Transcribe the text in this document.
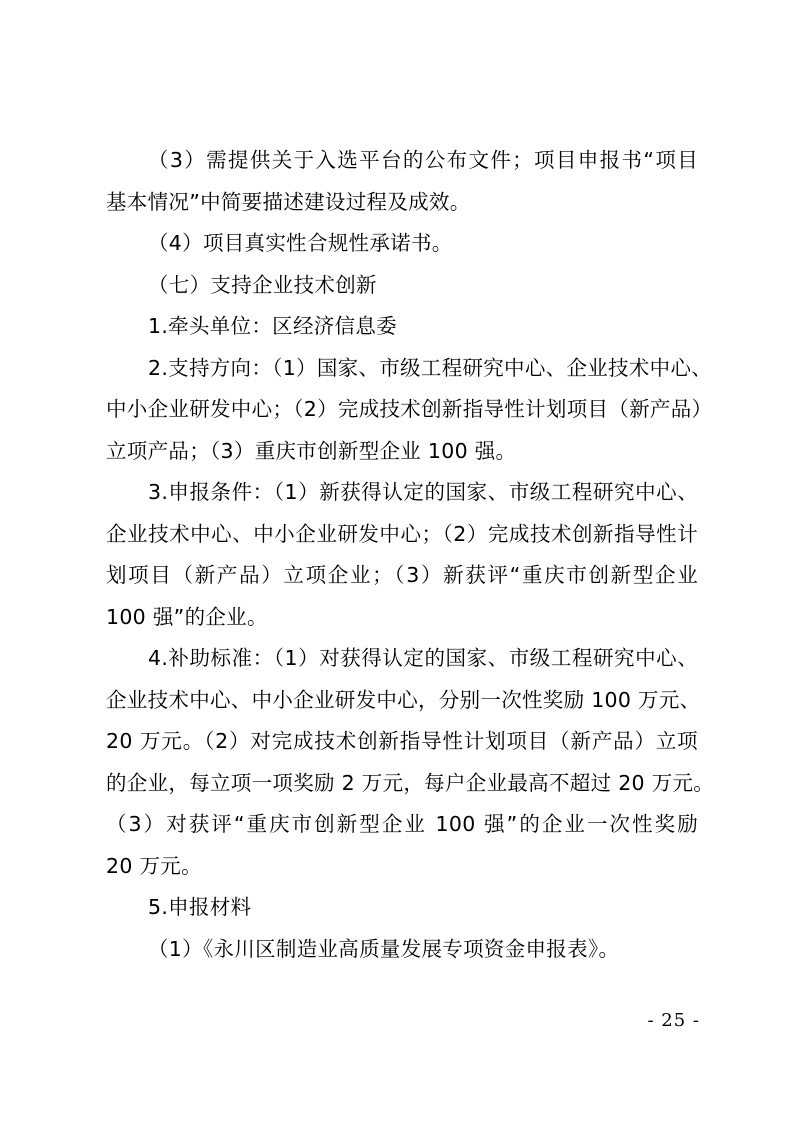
（3）需提供关于入选平台的公布文件；项目申报书“项目
基本情况”中简要描述建设过程及成效。
（4）项目真实性合规性承诺书。
（七）支持企业技术创新
1.牵头单位：区经济信息委
2.支持方向：（1）国家、市级工程研究中心、企业技术中心、
中小企业研发中心；（2）完成技术创新指导性计划项目（新产品）
立项产品；（3）重庆市创新型企业 100 强。
3.申报条件：（1）新获得认定的国家、市级工程研究中心、
企业技术中心、中小企业研发中心；（2）完成技术创新指导性计
划项目（新产品）立项企业；（3）新获评“重庆市创新型企业
100 强”的企业。
4.补助标准：（1）对获得认定的国家、市级工程研究中心、
企业技术中心、中小企业研发中心，分别一次性奖励 100 万元、
20 万元。（2）对完成技术创新指导性计划项目（新产品）立项
的企业，每立项一项奖励 2 万元，每户企业最高不超过 20 万元。
（3）对获评“重庆市创新型企业 100 强”的企业一次性奖励
20 万元。
5.申报材料
（1）《永川区制造业高质量发展专项资金申报表》。
- 25 -
